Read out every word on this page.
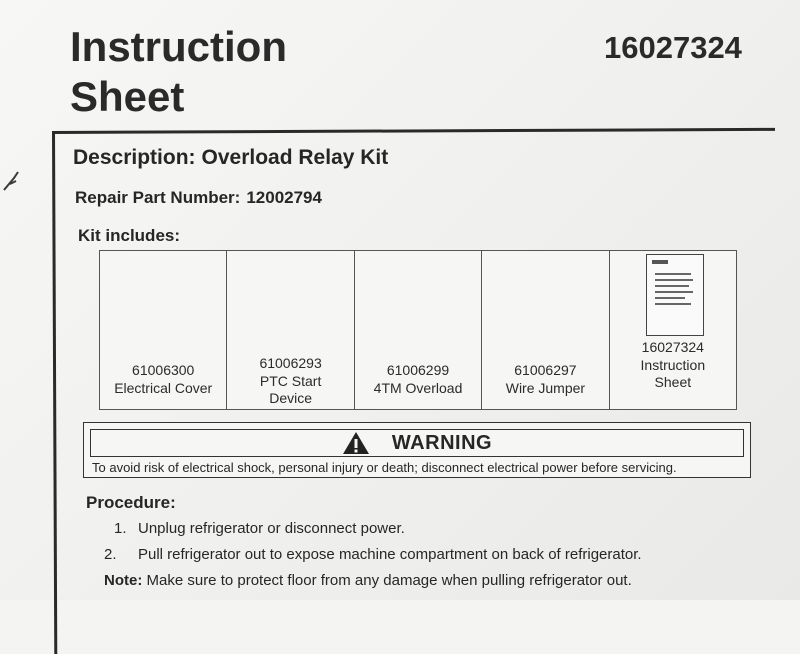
Instruction
Sheet
16027324
Description: Overload Relay Kit
Repair Part Number: 12002794
Kit includes:
61006300
Electrical Cover
61006293
PTC Start Device
61006299
4TM Overload
61006297
Wire Jumper
16027324
Instruction Sheet
WARNING
To avoid risk of electrical shock, personal injury or death; disconnect electrical power before servicing.
Procedure:
1. Unplug refrigerator or disconnect power.
2. Pull refrigerator out to expose machine compartment on back of refrigerator.
Note: Make sure to protect floor from any damage when pulling refrigerator out.
